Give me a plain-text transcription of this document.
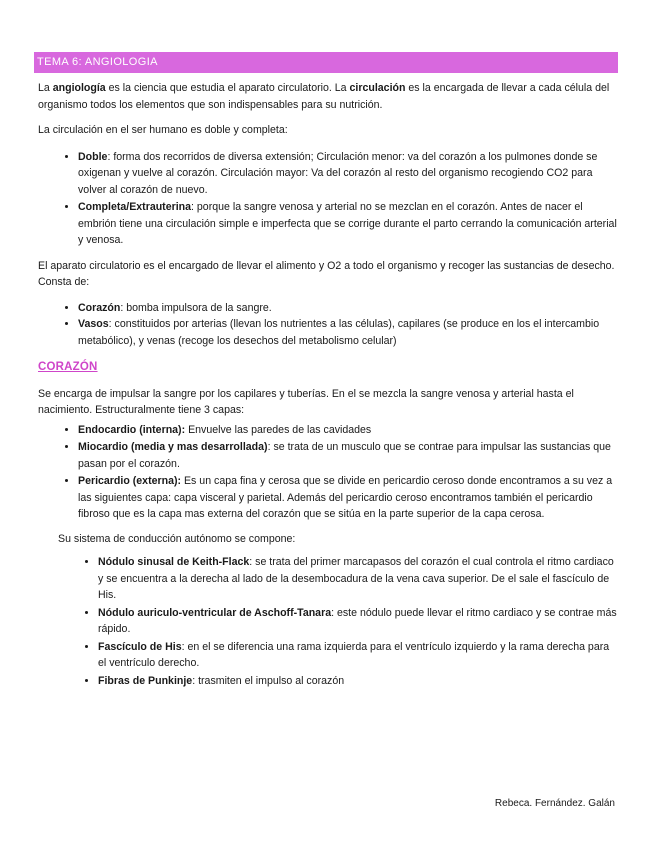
TEMA 6: ANGIOLOGIA

La angiología es la ciencia que estudia el aparato circulatorio. La circulación es la encargada de llevar a cada célula del organismo todos los elementos que son indispensables para su nutrición.

La circulación en el ser humano es doble y completa:

• Doble: forma dos recorridos de diversa extensión; Circulación menor: va del corazón a los pulmones donde se oxigenan y vuelve al corazón. Circulación mayor: Va del corazón al resto del organismo recogiendo CO2 para volver al corazón de nuevo.
• Completa/Extrauterina: porque la sangre venosa y arterial no se mezclan en el corazón. Antes de nacer el embrión tiene una circulación simple e imperfecta que se corrige durante el parto cerrando la comunicación arterial y venosa.

El aparato circulatorio es el encargado de llevar el alimento y O2 a todo el organismo y recoger las sustancias de desecho. Consta de:

• Corazón: bomba impulsora de la sangre.
• Vasos: constituidos por arterias (llevan los nutrientes a las células), capilares (se produce en los el intercambio metabólico), y venas (recoge los desechos del metabolismo celular)
CORAZÓN

Se encarga de impulsar la sangre por los capilares y tuberías. En el se mezcla la sangre venosa y arterial hasta el nacimiento. Estructuralmente tiene 3 capas:

• Endocardio (interna): Envuelve las paredes de las cavidades
• Miocardio (media y mas desarrollada): se trata de un musculo que se contrae para impulsar las sustancias que pasan por el corazón.
• Pericardio (externa): Es un capa fina y cerosa que se divide en pericardio ceroso donde encontramos a su vez a las siguientes capa: capa visceral y parietal. Además del pericardio ceroso encontramos también el pericardio fibroso que es la capa mas externa del corazón que se sitúa en la parte superior de la capa cerosa.

Su sistema de conducción autónomo se compone:

• Nódulo sinusal de Keith-Flack: se trata del primer marcapasos del corazón el cual controla el ritmo cardiaco y se encuentra a la derecha al lado de la desembocadura de la vena cava superior. De el sale el fascículo de His.
• Nódulo auriculo-ventricular de Aschoff-Tanara: este nódulo puede llevar el ritmo cardiaco y se contrae más rápido.
• Fascículo de His: en el se diferencia una rama izquierda para el ventrículo izquierdo y la rama derecha para el ventrículo derecho.
• Fibras de Punkinje: trasmiten el impulso al corazón
Rebeca. Fernández. Galán
